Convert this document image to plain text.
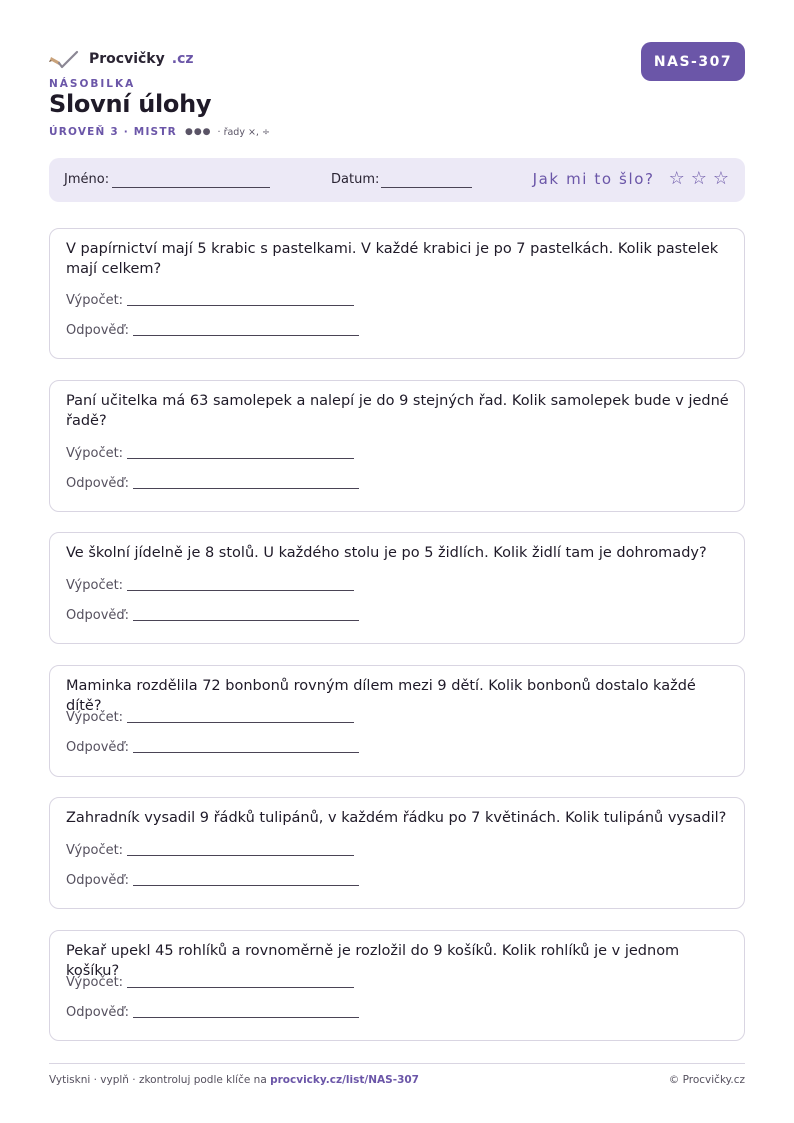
Procvičky .cz
NÁSOBILKA
Slovní úlohy
ÚROVEŇ 3 · MISTR ●●● · řady ×, ÷
NAS-307
Jméno:	Datum:	Jak mi to šlo? ☆ ☆ ☆
V papírnictví mají 5 krabic s pastelkami. V každé krabici je po 7 pastelkách. Kolik pastelek mají celkem?
Výpočet:
Odpověď:
Paní učitelka má 63 samolepek a nalepí je do 9 stejných řad. Kolik samolepek bude v jedné řadě?
Výpočet:
Odpověď:
Ve školní jídelně je 8 stolů. U každého stolu je po 5 židlích. Kolik židlí tam je dohromady?
Výpočet:
Odpověď:
Maminka rozdělila 72 bonbonů rovným dílem mezi 9 dětí. Kolik bonbonů dostalo každé dítě?
Výpočet:
Odpověď:
Zahradník vysadil 9 řádků tulipánů, v každém řádku po 7 květinách. Kolik tulipánů vysadil?
Výpočet:
Odpověď:
Pekař upekl 45 rohlíků a rovnoměrně je rozložil do 9 košíků. Kolik rohlíků je v jednom košíku?
Výpočet:
Odpověď:
Vytiskni · vyplň · zkontroluj podle klíče na procvicky.cz/list/NAS-307	© Procvičky.cz
